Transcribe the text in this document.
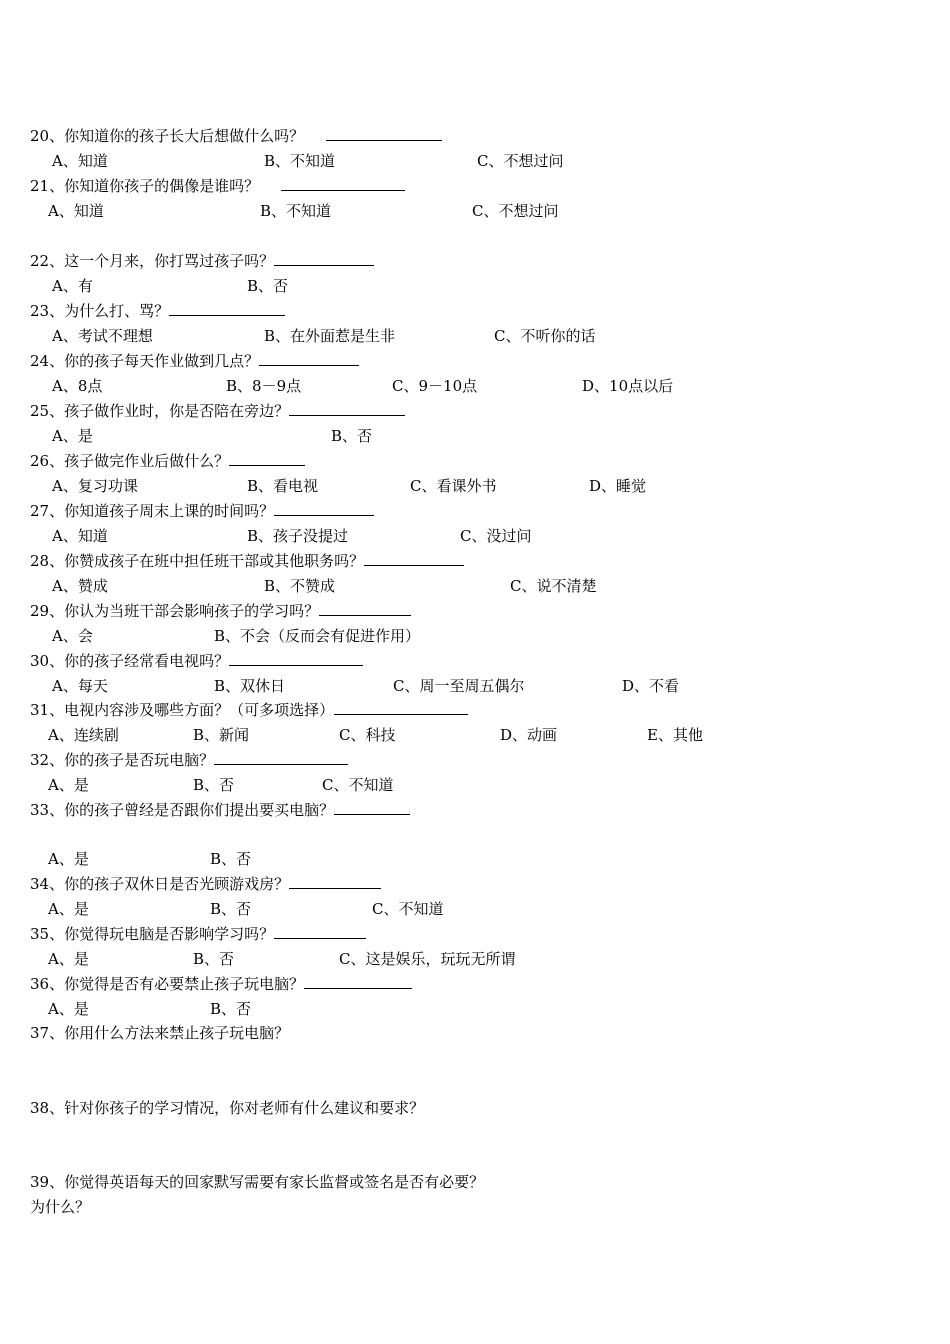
20、你知道你的孩子长大后想做什么吗？
A、知道	B、不知道	C、不想过问
21、你知道你孩子的偶像是谁吗？
A、知道	B、不知道	C、不想过问
22、这一个月来，你打骂过孩子吗？
A、有	B、否
23、为什么打、骂？
A、考试不理想	B、在外面惹是生非	C、不听你的话
24、你的孩子每天作业做到几点？
A、8点	B、8－9点	C、9－10点	D、10点以后
25、孩子做作业时，你是否陪在旁边？
A、是	B、否
26、孩子做完作业后做什么？
A、复习功课	B、看电视	C、看课外书	D、睡觉
27、你知道孩子周末上课的时间吗？
A、知道	B、孩子没提过	C、没过问
28、你赞成孩子在班中担任班干部或其他职务吗？
A、赞成	B、不赞成	C、说不清楚
29、你认为当班干部会影响孩子的学习吗？
A、会	B、不会（反而会有促进作用）
30、你的孩子经常看电视吗？
A、每天	B、双休日	C、周一至周五偶尔	D、不看
31、电视内容涉及哪些方面？（可多项选择）
A、连续剧	B、新闻	C、科技	D、动画	E、其他
32、你的孩子是否玩电脑？
A、是	B、否	C、不知道
33、你的孩子曾经是否跟你们提出要买电脑？
A、是	B、否
34、你的孩子双休日是否光顾游戏房？
A、是	B、否	C、不知道
35、你觉得玩电脑是否影响学习吗？
A、是	B、否	C、这是娱乐，玩玩无所谓
36、你觉得是否有必要禁止孩子玩电脑？
A、是	B、否
37、你用什么方法来禁止孩子玩电脑？
38、针对你孩子的学习情况，你对老师有什么建议和要求？
39、你觉得英语每天的回家默写需要有家长监督或签名是否有必要？
为什么？
